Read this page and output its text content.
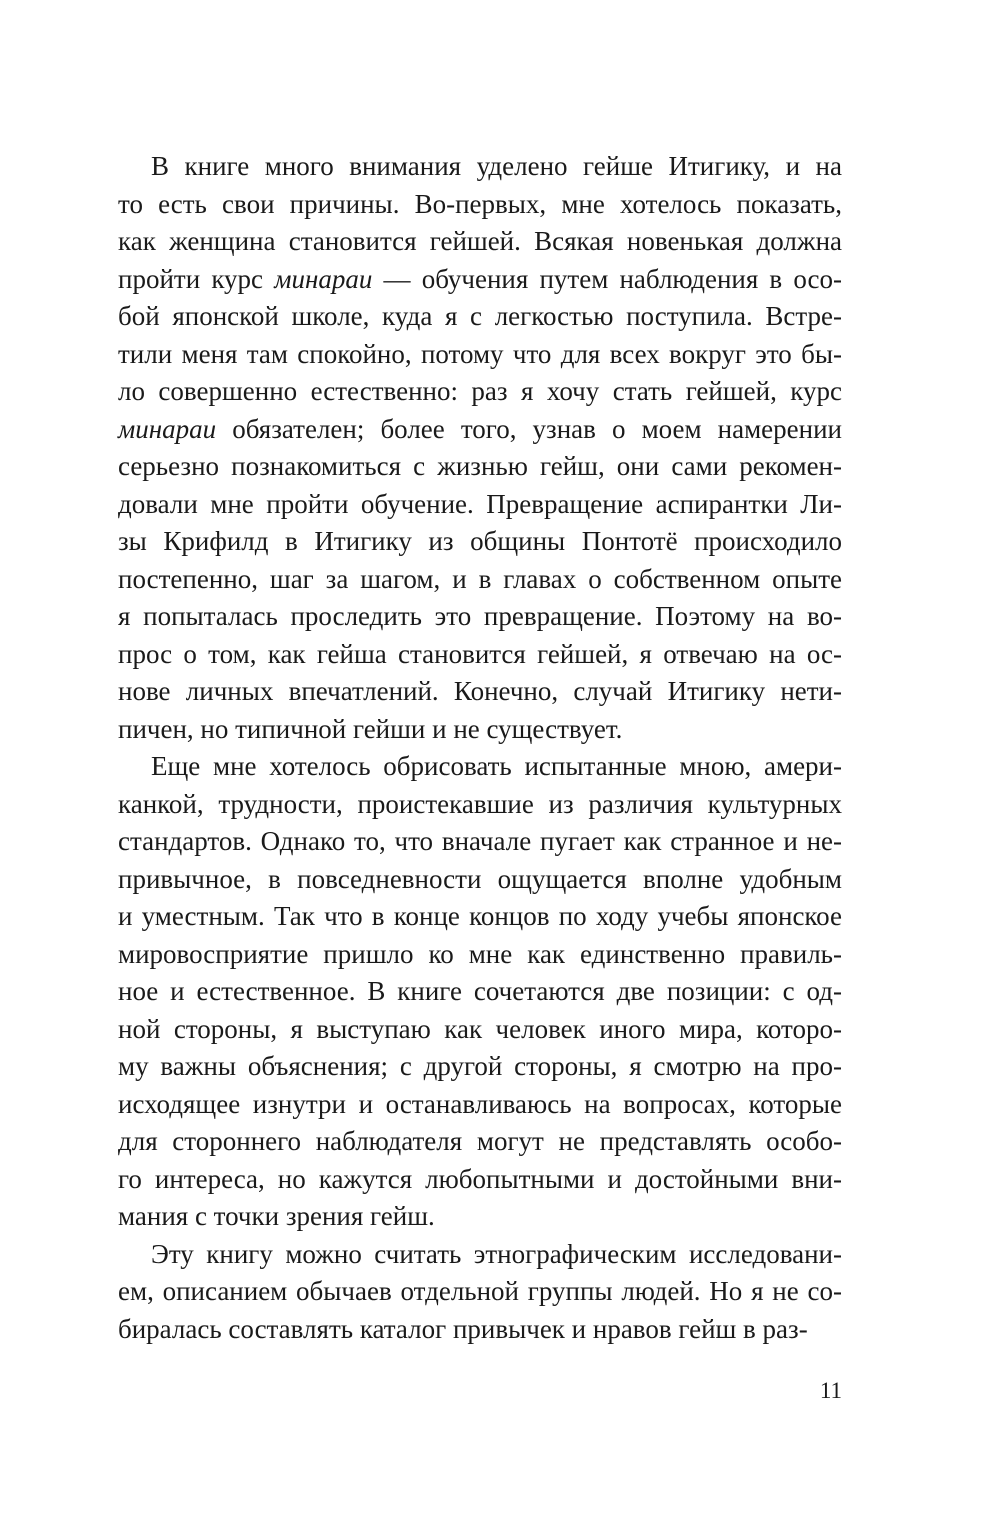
В книге много внимания уделено гейше Итигику, и на
то есть свои причины. Во-первых, мне хотелось показать,
как женщина становится гейшей. Всякая новенькая должна
пройти курс минараи — обучения путем наблюдения в осо-
бой японской школе, куда я с легкостью поступила. Встре-
тили меня там спокойно, потому что для всех вокруг это бы-
ло совершенно естественно: раз я хочу стать гейшей, курс
минараи обязателен; более того, узнав о моем намерении
серьезно познакомиться с жизнью гейш, они сами рекомен-
довали мне пройти обучение. Превращение аспирантки Ли-
зы Крифилд в Итигику из общины Понтотё происходило
постепенно, шаг за шагом, и в главах о собственном опыте
я попыталась проследить это превращение. Поэтому на во-
прос о том, как гейша становится гейшей, я отвечаю на ос-
нове личных впечатлений. Конечно, случай Итигику нети-
пичен, но типичной гейши и не существует.
Еще мне хотелось обрисовать испытанные мною, амери-
канкой, трудности, проистекавшие из различия культурных
стандартов. Однако то, что вначале пугает как странное и не-
привычное, в повседневности ощущается вполне удобным
и уместным. Так что в конце концов по ходу учебы японское
мировосприятие пришло ко мне как единственно правиль-
ное и естественное. В книге сочетаются две позиции: с од-
ной стороны, я выступаю как человек иного мира, которо-
му важны объяснения; с другой стороны, я смотрю на про-
исходящее изнутри и останавливаюсь на вопросах, которые
для стороннего наблюдателя могут не представлять особо-
го интереса, но кажутся любопытными и достойными вни-
мания с точки зрения гейш.
Эту книгу можно считать этнографическим исследовани-
ем, описанием обычаев отдельной группы людей. Но я не со-
биралась составлять каталог привычек и нравов гейш в раз-
11
